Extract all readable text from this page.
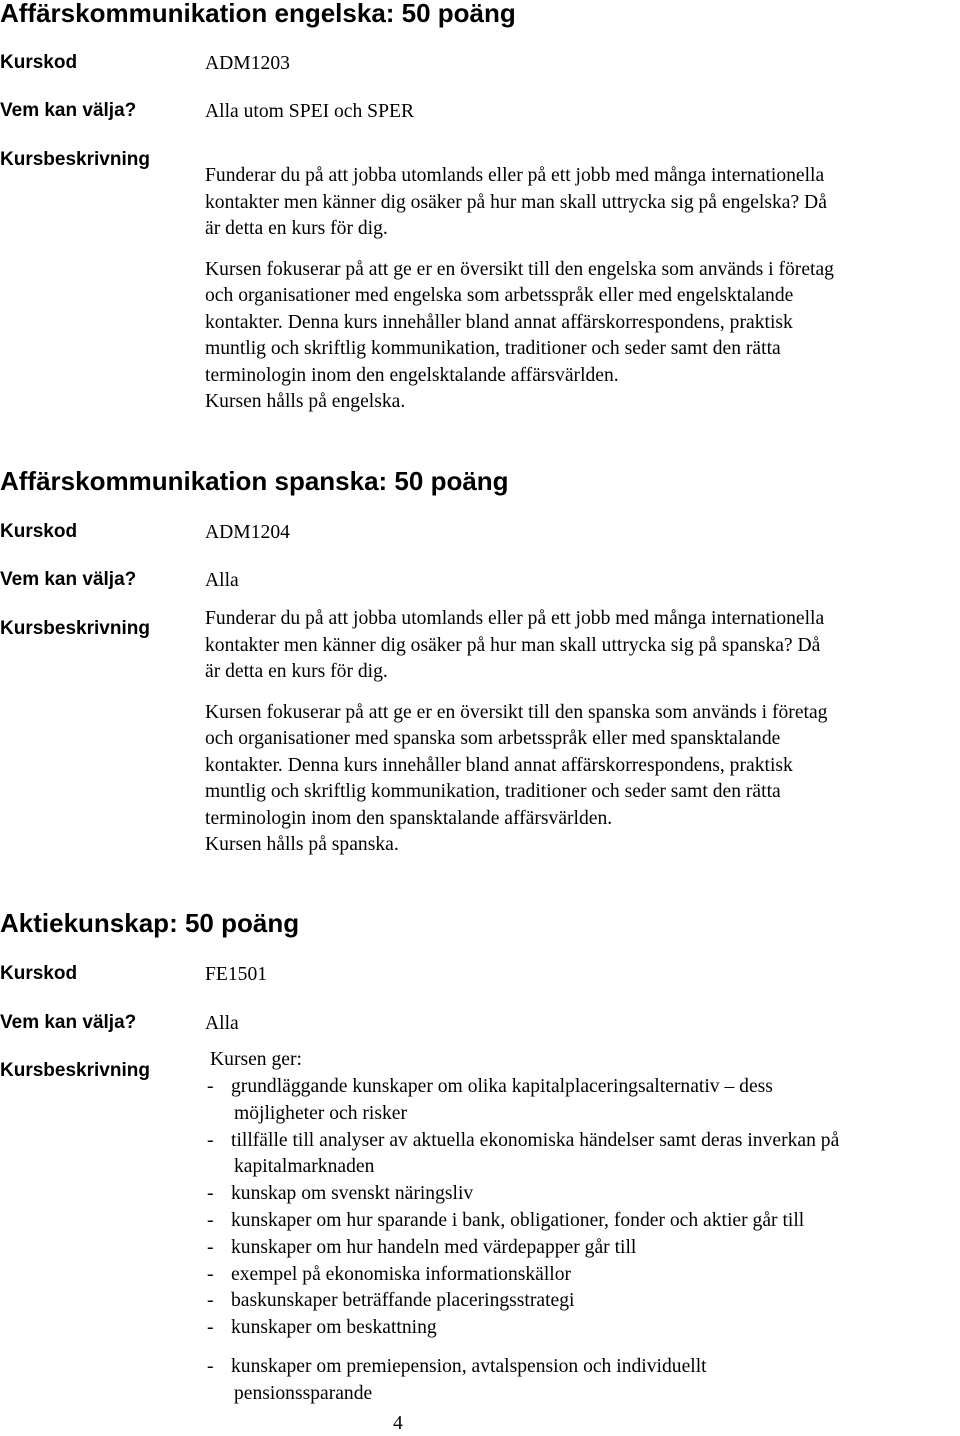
Affärskommunikation engelska: 50 poäng
Kurskod	ADM1203
Vem kan välja?	Alla utom SPEI och SPER
Kursbeskrivning

Funderar du på att jobba utomlands eller på ett jobb med många internationella

kontakter men känner dig osäker på hur man skall uttrycka sig på engelska? Då

är detta en kurs för dig.

Kursen fokuserar på att ge er en översikt till den engelska som används i företag

och organisationer med engelska som arbetsspråk eller med engelsktalande

kontakter. Denna kurs innehåller bland annat affärskorrespondens, praktisk

muntlig och skriftlig kommunikation, traditioner och seder samt den rätta

terminologin inom den engelsktalande affärsvärlden.

Kursen hålls på engelska.

Affärskommunikation spanska: 50 poäng
Kurskod	ADM1204
Vem kan välja?	Alla
Kursbeskrivning	Funderar du på att jobba utomlands eller på ett jobb med många internationella

kontakter men känner dig osäker på hur man skall uttrycka sig på spanska? Då

är detta en kurs för dig.

Kursen fokuserar på att ge er en översikt till den spanska som används i företag

och organisationer med spanska som arbetsspråk eller med spansktalande

kontakter. Denna kurs innehåller bland annat affärskorrespondens, praktisk

muntlig och skriftlig kommunikation, traditioner och seder samt den rätta

terminologin inom den spansktalande affärsvärlden.

Kursen hålls på spanska.

Aktiekunskap: 50 poäng
Kurskod	FE1501
Vem kan välja?	Alla
Kursbeskrivning
Kursen ger:
- grundläggande kunskaper om olika kapitalplaceringsalternativ – dess
möjligheter och risker
- tillfälle till analyser av aktuella ekonomiska händelser samt deras inverkan på
kapitalmarknaden
- kunskap om svenskt näringsliv
- kunskaper om hur sparande i bank, obligationer, fonder och aktier går till
- kunskaper om hur handeln med värdepapper går till
- exempel på ekonomiska informationskällor
- baskunskaper beträffande placeringsstrategi
- kunskaper om beskattning
- kunskaper om premiepension, avtalspension och individuellt
pensionssparande
4
